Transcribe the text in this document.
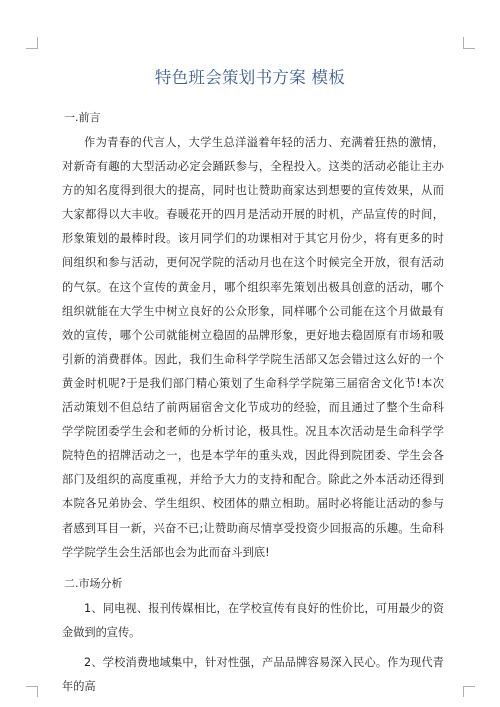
特色班会策划书方案 模板
一.前言

作为青春的代言人，大学生总洋溢着年轻的活力、充满着狂热的激情，对新奇有趣的大型活动必定会踊跃参与，全程投入。这类的活动必能让主办方的知名度得到很大的提高，同时也让赞助商家达到想要的宣传效果，从而大家都得以大丰收。春暖花开的四月是活动开展的时机，产品宣传的时间，形象策划的最棒时段。该月同学们的功课相对于其它月份少，将有更多的时间组织和参与活动，更何况学院的活动月也在这个时候完全开放，很有活动的气氛。在这个宣传的黄金月，哪个组织率先策划出极具创意的活动，哪个组织就能在大学生中树立良好的公众形象，同样哪个公司能在这个月做最有效的宣传，哪个公司就能树立稳固的品牌形象，更好地去稳固原有市场和吸引新的消费群体。因此，我们生命科学学院生活部又怎会错过这么好的一个黄金时机呢?于是我们部门精心策划了生命科学学院第三届宿舍文化节!本次活动策划不但总结了前两届宿舍文化节成功的经验，而且通过了整个生命科学学院团委学生会和老师的分析讨论，极具性。况且本次活动是生命科学学院特色的招牌活动之一，也是本学年的重头戏，因此得到院团委、学生会各部门及组织的高度重视，并给予大力的支持和配合。除此之外本活动还得到本院各兄弟协会、学生组织、校团体的鼎立相助。届时必将能让活动的参与者感到耳目一新，兴奋不已;让赞助商尽情享受投资少回报高的乐趣。生命科学学院学生会生活部也会为此而奋斗到底!

二.市场分析

1、同电视、报刊传媒相比，在学校宣传有良好的性价比，可用最少的资金做到的宣传。

2、学校消费地域集中，针对性强，产品品牌容易深入民心。作为现代青年的高
